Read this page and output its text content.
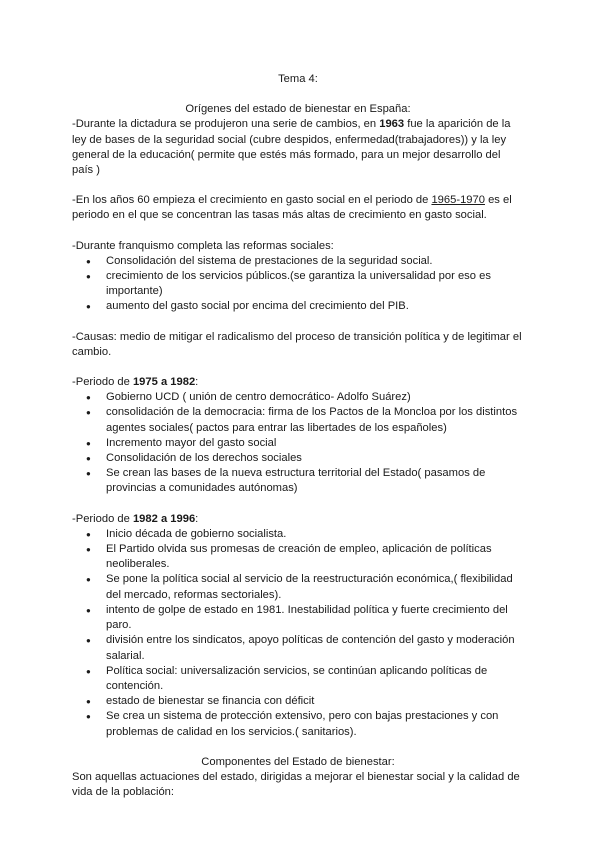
Tema 4:

Orígenes del estado de bienestar en España:

-Durante la dictadura se produjeron una serie de cambios, en 1963 fue la aparición de la ley de bases de la seguridad social (cubre despidos, enfermedad(trabajadores)) y la ley general de la educación( permite que estés más formado, para un mejor desarrollo del país )

-En los años 60 empieza el crecimiento en gasto social en el periodo de 1965-1970 es el periodo en el que se concentran las tasas más altas de crecimiento en gasto social.

-Durante franquismo completa las reformas sociales:

● Consolidación del sistema de prestaciones de la seguridad social.
● crecimiento de los servicios públicos.(se garantiza la universalidad por eso es importante)
● aumento del gasto social por encima del crecimiento del PIB.

-Causas: medio de mitigar el radicalismo del proceso de transición política y de legitimar el cambio.

-Periodo de 1975 a 1982:

● Gobierno UCD ( unión de centro democrático- Adolfo Suárez)
● consolidación de la democracia: firma de los Pactos de la Moncloa por los distintos agentes sociales( pactos para entrar las libertades de los españoles)
● Incremento mayor del gasto social
● Consolidación de los derechos sociales
● Se crean las bases de la nueva estructura territorial del Estado( pasamos de provincias a comunidades autónomas)

-Periodo de 1982 a 1996:

● Inicio década de gobierno socialista.
● El Partido olvida sus promesas de creación de empleo, aplicación de políticas neoliberales.
● Se pone la política social al servicio de la reestructuración económica,( flexibilidad del mercado, reformas sectoriales).
● intento de golpe de estado en 1981. Inestabilidad política y fuerte crecimiento del paro.
● división entre los sindicatos, apoyo políticas de contención del gasto y moderación salarial.
● Política social: universalización servicios, se continúan aplicando políticas de contención.
● estado de bienestar se financia con déficit
● Se crea un sistema de protección extensivo, pero con bajas prestaciones y con problemas de calidad en los servicios.( sanitarios).

Componentes del Estado de bienestar:

Son aquellas actuaciones del estado, dirigidas a mejorar el bienestar social y la calidad de vida de la población:
